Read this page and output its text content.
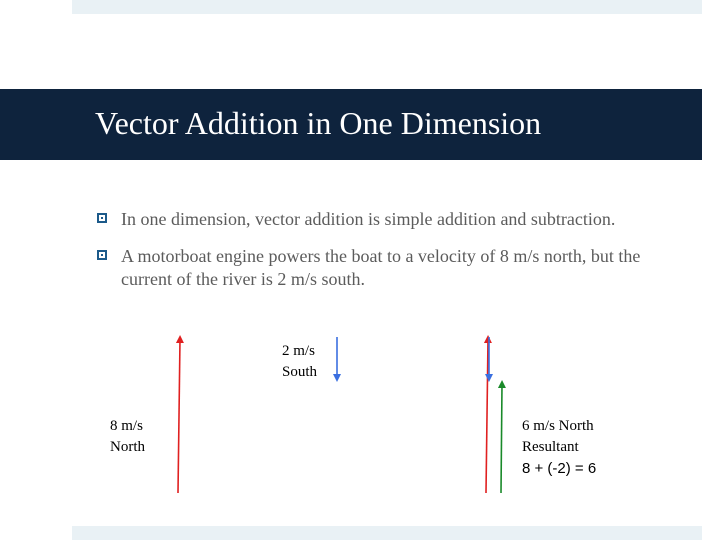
Vector Addition in One Dimension
In one dimension, vector addition is simple addition and subtraction.
A motorboat engine powers the boat to a velocity of 8 m/s north, but the current of the river is 2 m/s south.
2 m/s
South
8 m/s
North
6 m/s North
Resultant
8 + (-2) = 6
